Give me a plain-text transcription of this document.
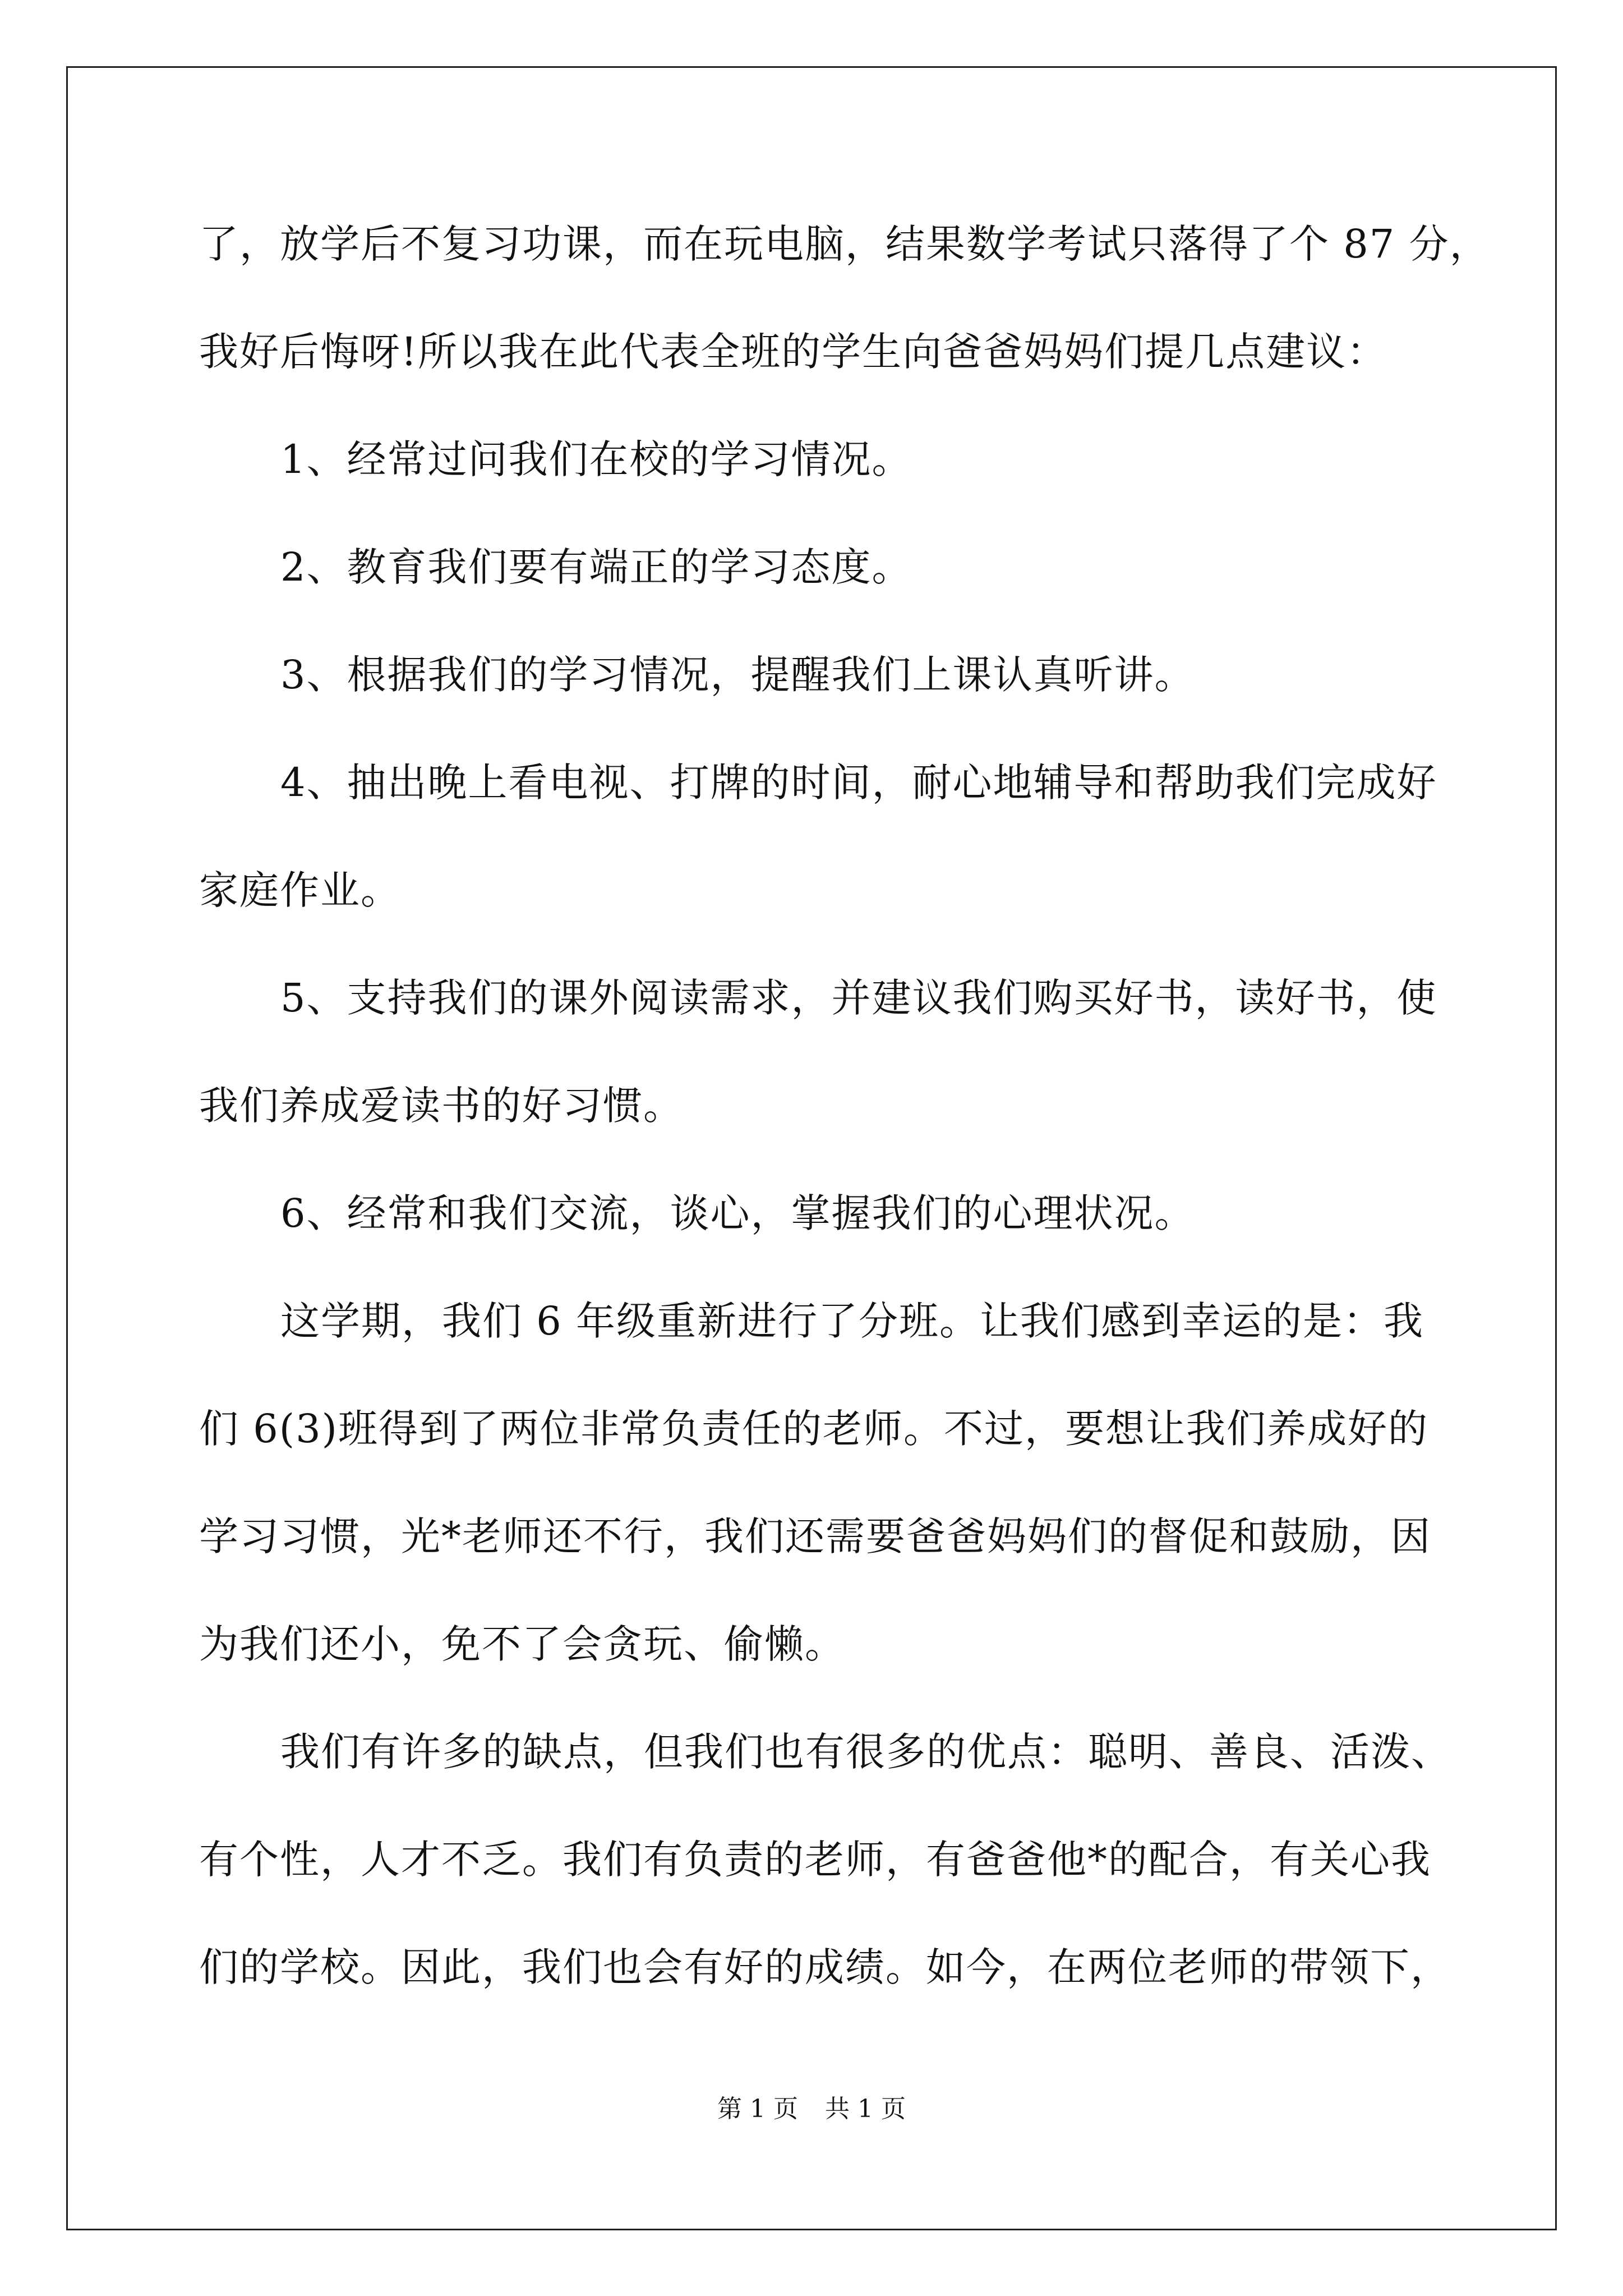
了，放学后不复习功课，而在玩电脑，结果数学考试只落得了个 87 分，
我好后悔呀!所以我在此代表全班的学生向爸爸妈妈们提几点建议：
1、经常过问我们在校的学习情况。
2、教育我们要有端正的学习态度。
3、根据我们的学习情况，提醒我们上课认真听讲。
4、抽出晚上看电视、打牌的时间，耐心地辅导和帮助我们完成好
家庭作业。
5、支持我们的课外阅读需求，并建议我们购买好书，读好书，使
我们养成爱读书的好习惯。
6、经常和我们交流，谈心，掌握我们的心理状况。
这学期，我们 6 年级重新进行了分班。让我们感到幸运的是：我
们 6(3)班得到了两位非常负责任的老师。不过，要想让我们养成好的
学习习惯，光*老师还不行，我们还需要爸爸妈妈们的督促和鼓励，因
为我们还小，免不了会贪玩、偷懒。
我们有许多的缺点，但我们也有很多的优点：聪明、善良、活泼、
有个性，人才不乏。我们有负责的老师，有爸爸他*的配合，有关心我
们的学校。因此，我们也会有好的成绩。如今，在两位老师的带领下，
第 1 页 共 1 页
